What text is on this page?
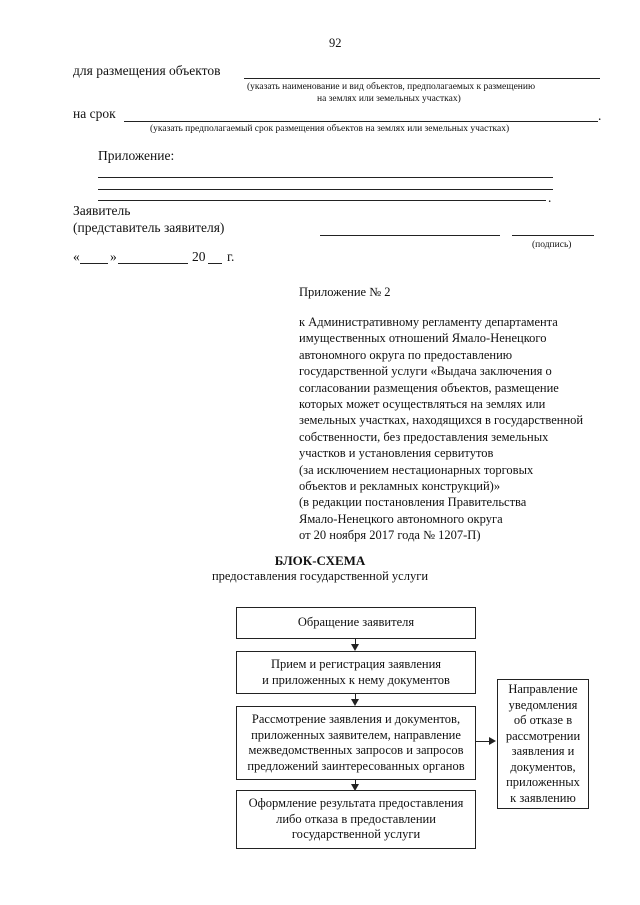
92
для размещения объектов
(указать наименование и вид объектов, предполагаемых к размещению
на землях или земельных участках)
на срок	.
(указать предполагаемый срок размещения объектов на землях или земельных участках)
Приложение:
.
Заявитель
(представитель заявителя)
(подпись)
« »	20 г.
Приложение № 2
к Административному регламенту департамента
имущественных отношений Ямало-Ненецкого
автономного округа по предоставлению
государственной услуги «Выдача заключения о
согласовании размещения объектов, размещение
которых может осуществляться на землях или
земельных участках, находящихся в государственной
собственности, без предоставления земельных
участков и установления сервитутов
(за исключением нестационарных торговых
объектов и рекламных конструкций)»
(в редакции постановления Правительства
Ямало-Ненецкого автономного округа
от 20 ноября 2017 года № 1207-П)
БЛОК-СХЕМА
предоставления государственной услуги
Обращение заявителя
Прием и регистрация заявления
и приложенных к нему документов
Рассмотрение заявления и документов,
приложенных заявителем, направление
межведомственных запросов и запросов
предложений заинтересованных органов
Оформление результата предоставления
либо отказа в предоставлении
государственной услуги
Направление
уведомления
об отказе в
рассмотрении
заявления и
документов,
приложенных
к заявлению
